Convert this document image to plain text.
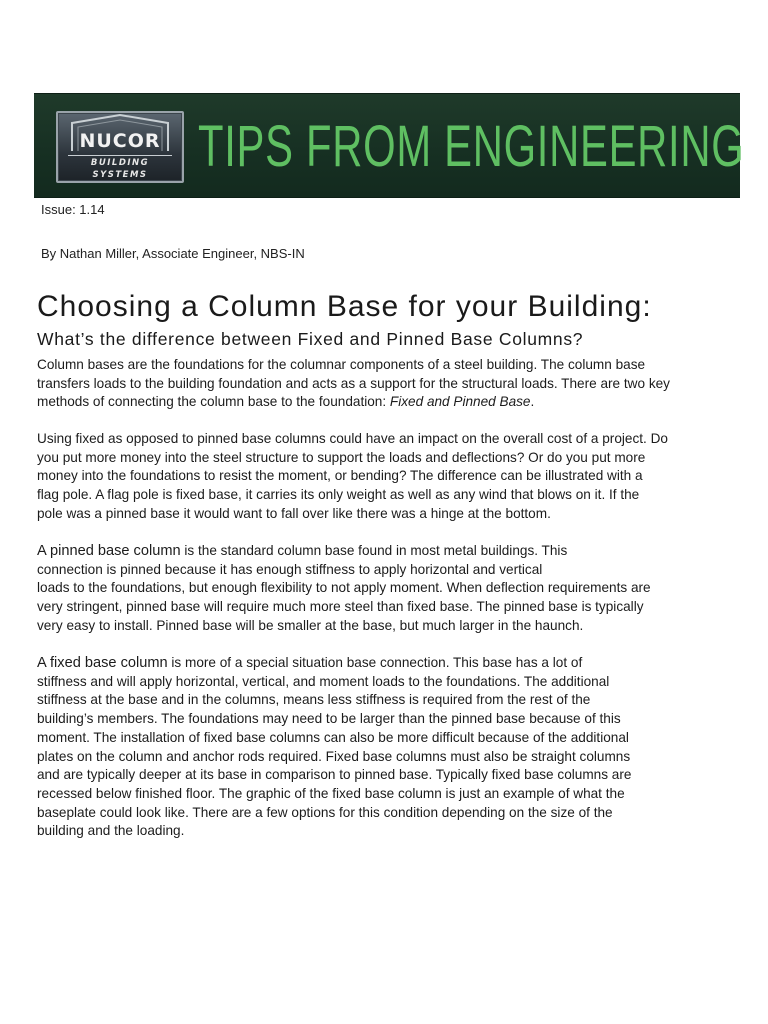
NUCOR
BUILDING SYSTEMS TIPS FROM ENGINEERING
Issue: 1.14
By Nathan Miller, Associate Engineer, NBS-IN
Choosing a Column Base for your Building:
What’s the difference between Fixed and Pinned Base Columns?
Column bases are the foundations for the columnar components of a steel building. The column base
transfers loads to the building foundation and acts as a support for the structural loads. There are two key
methods of connecting the column base to the foundation: Fixed and Pinned Base.
Using fixed as opposed to pinned base columns could have an impact on the overall cost of a project. Do
you put more money into the steel structure to support the loads and deflections? Or do you put more
money into the foundations to resist the moment, or bending? The difference can be illustrated with a
flag pole. A flag pole is fixed base, it carries its only weight as well as any wind that blows on it. If the
pole was a pinned base it would want to fall over like there was a hinge at the bottom.
A pinned base column is the standard column base found in most metal buildings. This
connection is pinned because it has enough stiffness to apply horizontal and vertical
loads to the foundations, but enough flexibility to not apply moment. When deflection requirements are
very stringent, pinned base will require much more steel than fixed base. The pinned base is typically
very easy to install. Pinned base will be smaller at the base, but much larger in the haunch.
A fixed base column is more of a special situation base connection. This base has a lot of
stiffness and will apply horizontal, vertical, and moment loads to the foundations. The additional
stiffness at the base and in the columns, means less stiffness is required from the rest of the
building’s members. The foundations may need to be larger than the pinned base because of this
moment. The installation of fixed base columns can also be more difficult because of the additional
plates on the column and anchor rods required. Fixed base columns must also be straight columns
and are typically deeper at its base in comparison to pinned base. Typically fixed base columns are
recessed below finished floor. The graphic of the fixed base column is just an example of what the
baseplate could look like. There are a few options for this condition depending on the size of the
building and the loading.
